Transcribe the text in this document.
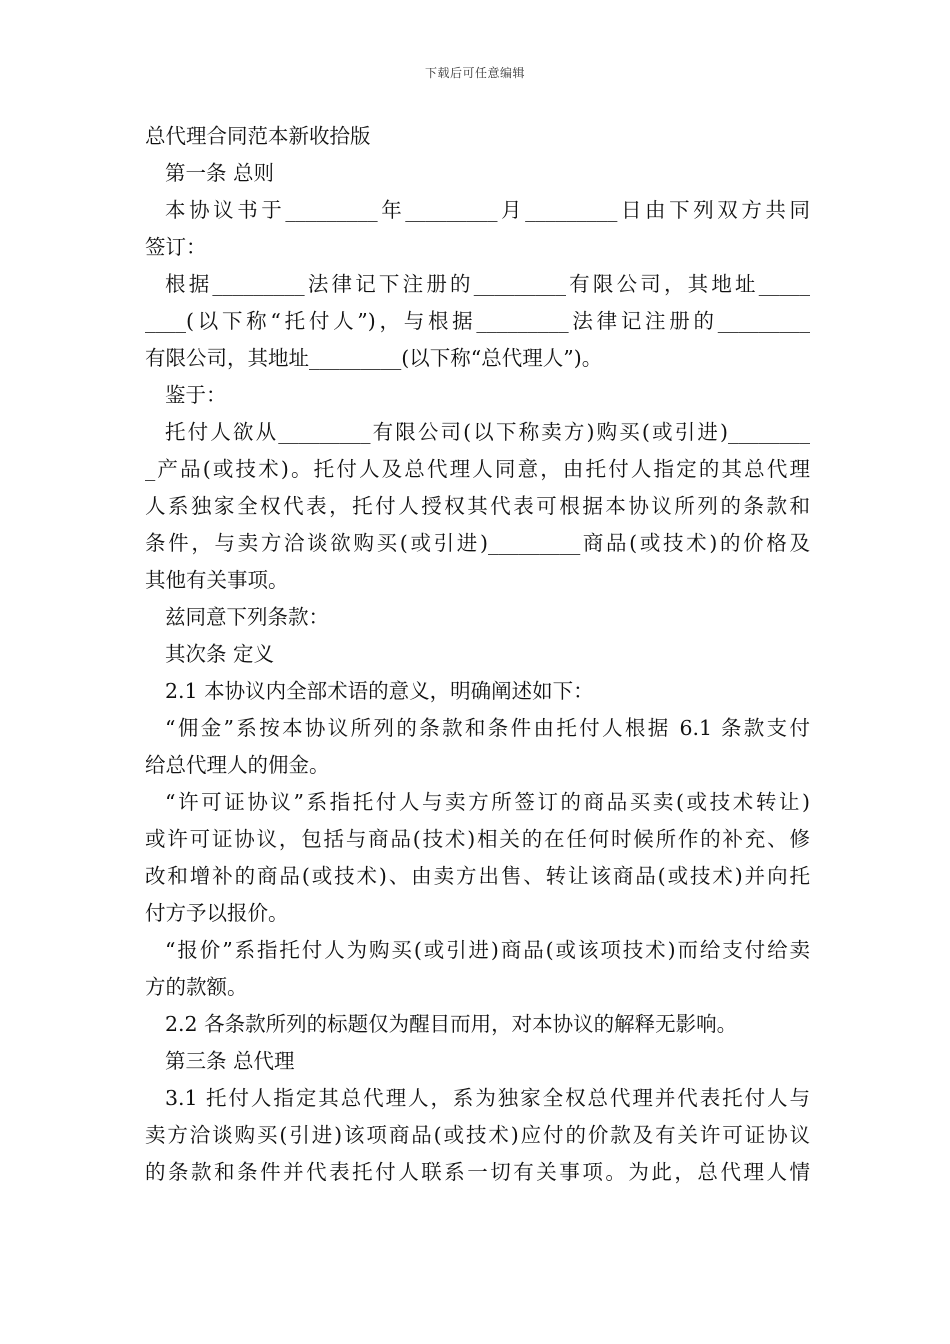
下载后可任意编辑
总代理合同范本新收拾版
第一条 总则
本协议书于_________年_________月_________日由下列双方共同
签订：
根据_________法律记下注册的_________有限公司，其地址_____
____(以下称“托付人”)，与根据_________法律记注册的_________
有限公司，其地址_________(以下称“总代理人”)。
鉴于：
托付人欲从_________有限公司(以下称卖方)购买(或引进)________
_产品(或技术)。托付人及总代理人同意，由托付人指定的其总代理
人系独家全权代表，托付人授权其代表可根据本协议所列的条款和
条件，与卖方洽谈欲购买(或引进)_________商品(或技术)的价格及
其他有关事项。
兹同意下列条款：
其次条 定义
2.1 本协议内全部术语的意义，明确阐述如下：
“佣金”系按本协议所列的条款和条件由托付人根据 6.1 条款支付
给总代理人的佣金。
“许可证协议”系指托付人与卖方所签订的商品买卖(或技术转让)
或许可证协议，包括与商品(技术)相关的在任何时候所作的补充、修
改和增补的商品(或技术)、由卖方出售、转让该商品(或技术)并向托
付方予以报价。
“报价”系指托付人为购买(或引进)商品(或该项技术)而给支付给卖
方的款额。
2.2 各条款所列的标题仅为醒目而用，对本协议的解释无影响。
第三条 总代理
3.1 托付人指定其总代理人，系为独家全权总代理并代表托付人与
卖方洽谈购买(引进)该项商品(或技术)应付的价款及有关许可证协议
的条款和条件并代表托付人联系一切有关事项。为此，总代理人情
